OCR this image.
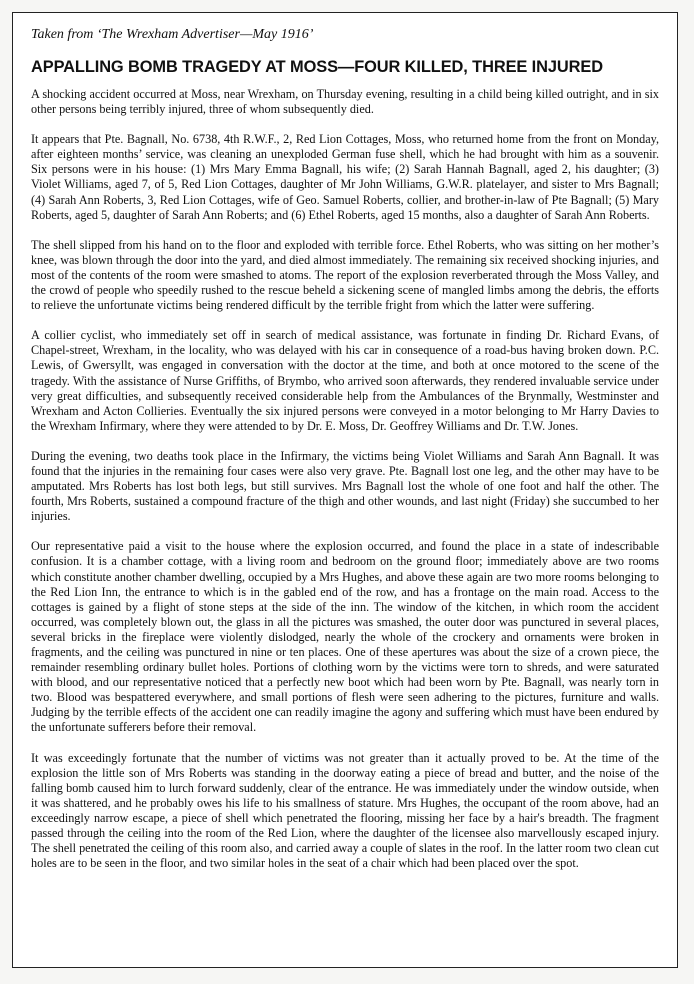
Taken from ‘The Wrexham Advertiser—May 1916’
APPALLING BOMB TRAGEDY AT MOSS—FOUR KILLED, THREE INJURED

A shocking accident occurred at Moss, near Wrexham, on Thursday evening, resulting in a child being killed outright, and in six other persons being terribly injured, three of whom subsequently died.

It appears that Pte. Bagnall, No. 6738, 4th R.W.F., 2, Red Lion Cottages, Moss, who returned home from the front on Monday, after eighteen months’ service, was cleaning an unexploded German fuse shell, which he had brought with him as a souvenir. Six persons were in his house: (1) Mrs Mary Emma Bagnall, his wife; (2) Sarah Hannah Bagnall, aged 2, his daughter; (3) Violet Williams, aged 7, of 5, Red Lion Cottages, daughter of Mr John Williams, G.W.R. platelayer, and sister to Mrs Bagnall; (4) Sarah Ann Roberts, 3, Red Lion Cottages, wife of Geo. Samuel Roberts, collier, and brother-in-law of Pte Bagnall; (5) Mary Roberts, aged 5, daughter of Sarah Ann Roberts; and (6) Ethel Roberts, aged 15 months, also a daughter of Sarah Ann Roberts.

The shell slipped from his hand on to the floor and exploded with terrible force. Ethel Roberts, who was sitting on her mother’s knee, was blown through the door into the yard, and died almost immediately. The remaining six received shocking injuries, and most of the contents of the room were smashed to atoms. The report of the explosion reverberated through the Moss Valley, and the crowd of people who speedily rushed to the rescue beheld a sickening scene of mangled limbs among the debris, the efforts to relieve the unfortunate victims being rendered difficult by the terrible fright from which the latter were suffering.

A collier cyclist, who immediately set off in search of medical assistance, was fortunate in finding Dr. Richard Evans, of Chapel-street, Wrexham, in the locality, who was delayed with his car in consequence of a road-bus having broken down. P.C. Lewis, of Gwersyllt, was engaged in conversation with the doctor at the time, and both at once motored to the scene of the tragedy. With the assistance of Nurse Griffiths, of Brymbo, who arrived soon afterwards, they rendered invaluable service under very great difficulties, and subsequently received considerable help from the Ambulances of the Brynmally, Westminster and Wrexham and Acton Collieries. Eventually the six injured persons were conveyed in a motor belonging to Mr Harry Davies to the Wrexham Infirmary, where they were attended to by Dr. E. Moss, Dr. Geoffrey Williams and Dr. T.W. Jones.

During the evening, two deaths took place in the Infirmary, the victims being Violet Williams and Sarah Ann Bagnall. It was found that the injuries in the remaining four cases were also very grave. Pte. Bagnall lost one leg, and the other may have to be amputated. Mrs Roberts has lost both legs, but still survives. Mrs Bagnall lost the whole of one foot and half the other. The fourth, Mrs Roberts, sustained a compound fracture of the thigh and other wounds, and last night (Friday) she succumbed to her injuries.

Our representative paid a visit to the house where the explosion occurred, and found the place in a state of indescribable confusion. It is a chamber cottage, with a living room and bedroom on the ground floor; immediately above are two rooms which constitute another chamber dwelling, occupied by a Mrs Hughes, and above these again are two more rooms belonging to the Red Lion Inn, the entrance to which is in the gabled end of the row, and has a frontage on the main road. Access to the cottages is gained by a flight of stone steps at the side of the inn. The window of the kitchen, in which room the accident occurred, was completely blown out, the glass in all the pictures was smashed, the outer door was punctured in several places, several bricks in the fireplace were violently dislodged, nearly the whole of the crockery and ornaments were broken in fragments, and the ceiling was punctured in nine or ten places. One of these apertures was about the size of a crown piece, the remainder resembling ordinary bullet holes. Portions of clothing worn by the victims were torn to shreds, and were saturated with blood, and our representative noticed that a perfectly new boot which had been worn by Pte. Bagnall, was nearly torn in two. Blood was bespattered everywhere, and small portions of flesh were seen adhering to the pictures, furniture and walls. Judging by the terrible effects of the accident one can readily imagine the agony and suffering which must have been endured by the unfortunate sufferers before their removal.

It was exceedingly fortunate that the number of victims was not greater than it actually proved to be. At the time of the explosion the little son of Mrs Roberts was standing in the doorway eating a piece of bread and butter, and the noise of the falling bomb caused him to lurch forward suddenly, clear of the entrance. He was immediately under the window outside, when it was shattered, and he probably owes his life to his smallness of stature. Mrs Hughes, the occupant of the room above, had an exceedingly narrow escape, a piece of shell which penetrated the flooring, missing her face by a hair's breadth. The fragment passed through the ceiling into the room of the Red Lion, where the daughter of the licensee also marvellously escaped injury. The shell penetrated the ceiling of this room also, and carried away a couple of slates in the roof. In the latter room two clean cut holes are to be seen in the floor, and two similar holes in the seat of a chair which had been placed over the spot.
